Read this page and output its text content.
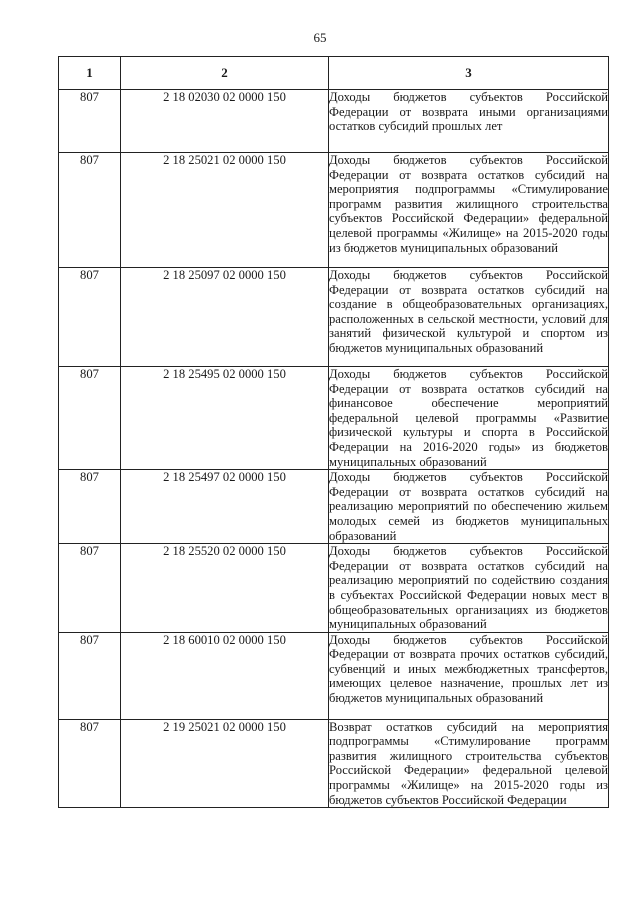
65
1	2	3
807	2 18 02030 02 0000 150	Доходы бюджетов субъектов Российской Федерации от возврата иными организациями остатков субсидий прошлых лет
807	2 18 25021 02 0000 150	Доходы бюджетов субъектов Российской Федерации от возврата остатков субсидий на мероприятия подпрограммы «Стимулирование программ развития жилищного строительства субъектов Российской Федерации» федеральной целевой программы «Жилище» на 2015-2020 годы из бюджетов муниципальных образований
807	2 18 25097 02 0000 150	Доходы бюджетов субъектов Российской Федерации от возврата остатков субсидий на создание в общеобразовательных организациях, расположенных в сельской местности, условий для занятий физической культурой и спортом из бюджетов муниципальных образований
807	2 18 25495 02 0000 150	Доходы бюджетов субъектов Российской Федерации от возврата остатков субсидий на финансовое обеспечение мероприятий федеральной целевой программы «Развитие физической культуры и спорта в Российской Федерации на 2016-2020 годы» из бюджетов муниципальных образований
807	2 18 25497 02 0000 150	Доходы бюджетов субъектов Российской Федерации от возврата остатков субсидий на реализацию мероприятий по обеспечению жильем молодых семей из бюджетов муниципальных образований
807	2 18 25520 02 0000 150	Доходы бюджетов субъектов Российской Федерации от возврата остатков субсидий на реализацию мероприятий по содействию создания в субъектах Российской Федерации новых мест в общеобразовательных организациях из бюджетов муниципальных образований
807	2 18 60010 02 0000 150	Доходы бюджетов субъектов Российской Федерации от возврата прочих остатков субсидий, субвенций и иных межбюджетных трансфертов, имеющих целевое назначение, прошлых лет из бюджетов муниципальных образований
807	2 19 25021 02 0000 150	Возврат остатков субсидий на мероприятия подпрограммы «Стимулирование программ развития жилищного строительства субъектов Российской Федерации» федеральной целевой программы «Жилище» на 2015-2020 годы из бюджетов субъектов Российской Федерации
